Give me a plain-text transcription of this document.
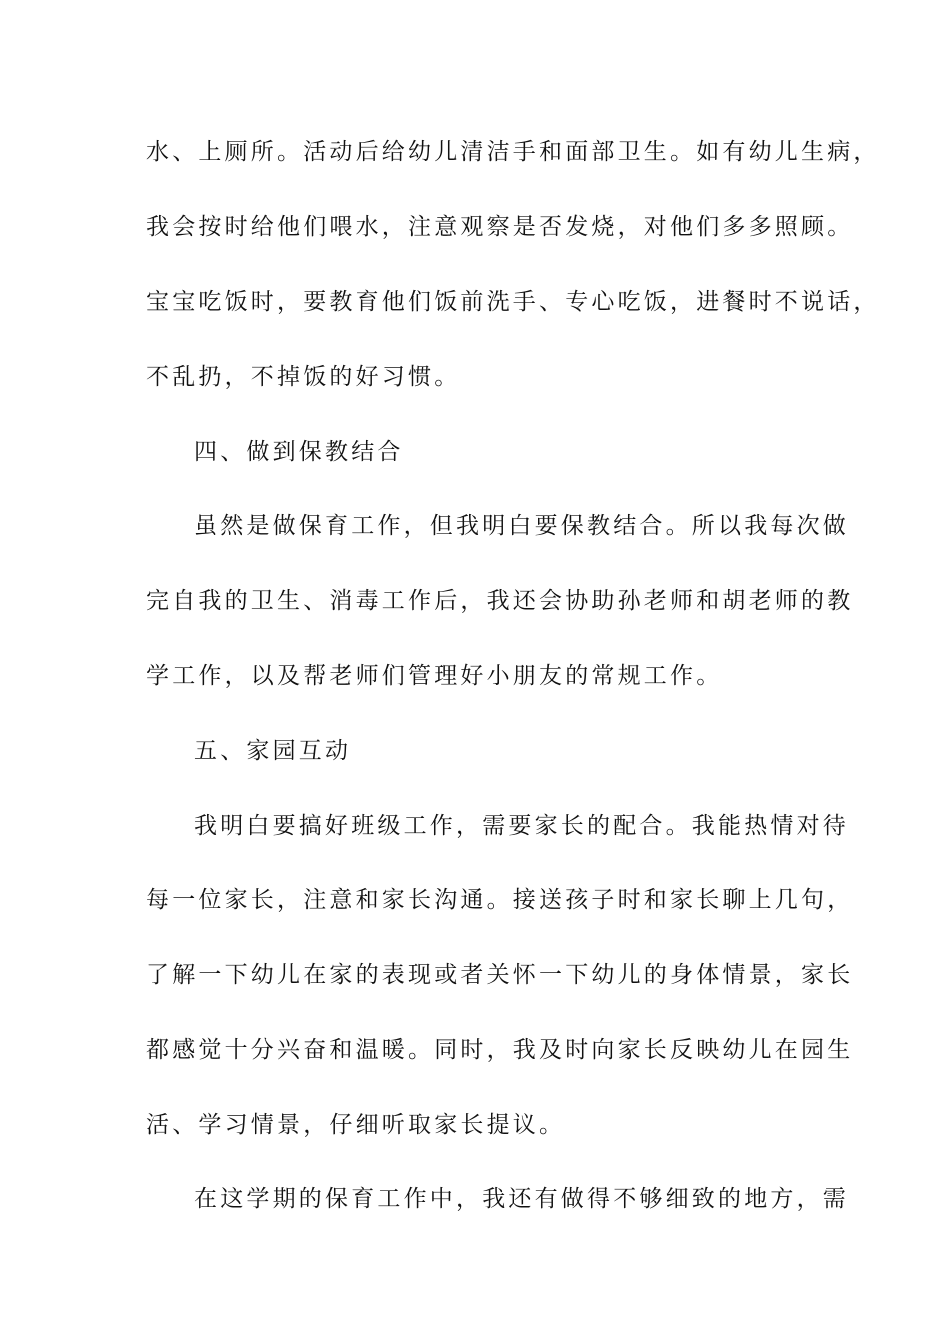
水、上厕所。活动后给幼儿清洁手和面部卫生。如有幼儿生病，
我会按时给他们喂水，注意观察是否发烧，对他们多多照顾。
宝宝吃饭时，要教育他们饭前洗手、专心吃饭，进餐时不说话，
不乱扔，不掉饭的好习惯。
四、做到保教结合
虽然是做保育工作，但我明白要保教结合。所以我每次做
完自我的卫生、消毒工作后，我还会协助孙老师和胡老师的教
学工作，以及帮老师们管理好小朋友的常规工作。
五、家园互动
我明白要搞好班级工作，需要家长的配合。我能热情对待
每一位家长，注意和家长沟通。接送孩子时和家长聊上几句，
了解一下幼儿在家的表现或者关怀一下幼儿的身体情景，家长
都感觉十分兴奋和温暖。同时，我及时向家长反映幼儿在园生
活、学习情景，仔细听取家长提议。
在这学期的保育工作中，我还有做得不够细致的地方，需
